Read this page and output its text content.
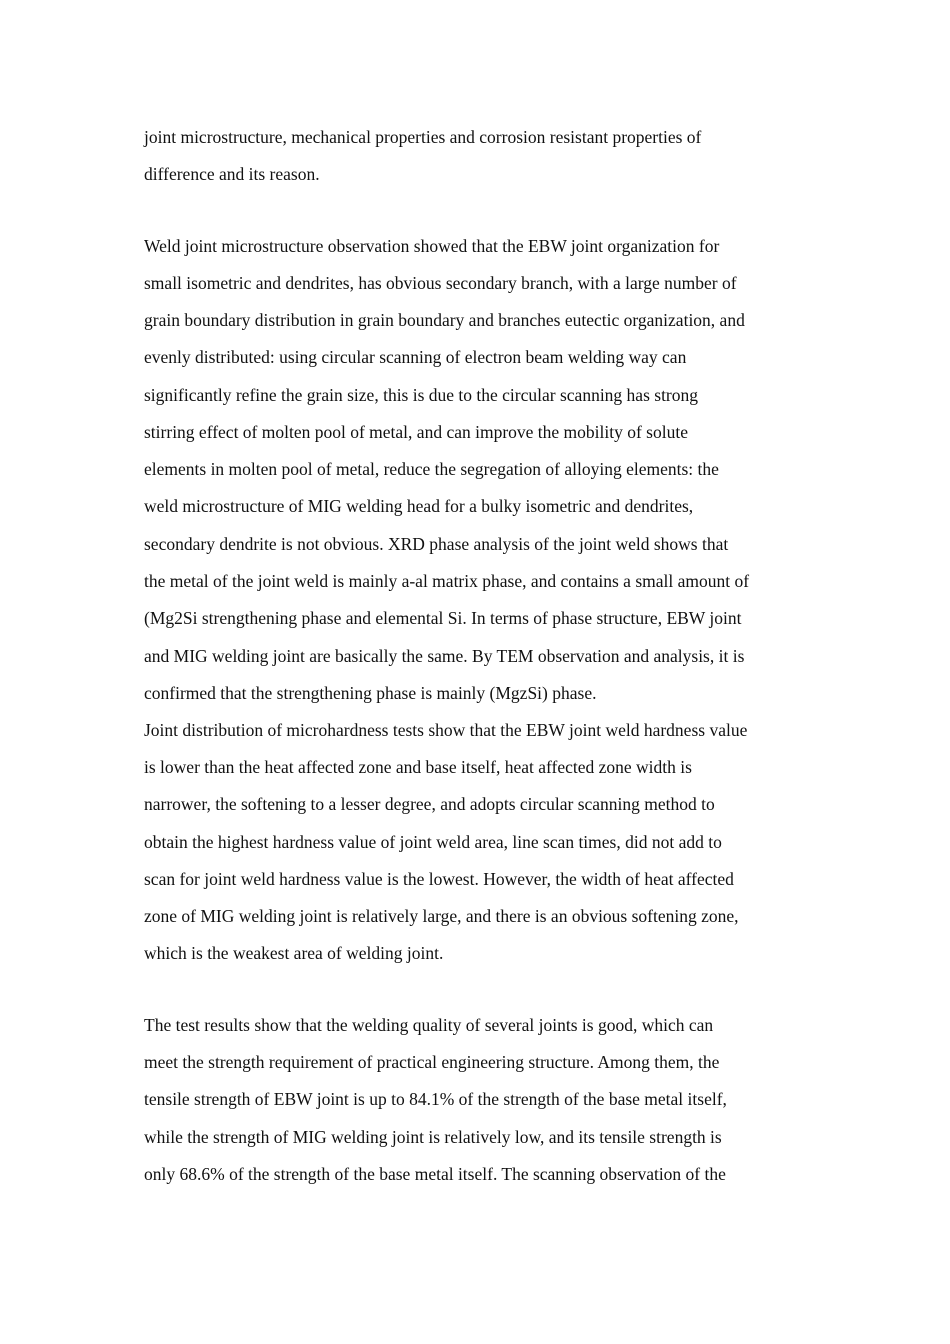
joint microstructure, mechanical properties and corrosion resistant properties of
difference and its reason.
Weld joint microstructure observation showed that the EBW joint organization for
small isometric and dendrites, has obvious secondary branch, with a large number of
grain boundary distribution in grain boundary and branches eutectic organization, and
evenly distributed: using circular scanning of electron beam welding way can
significantly refine the grain size, this is due to the circular scanning has strong
stirring effect of molten pool of metal, and can improve the mobility of solute
elements in molten pool of metal, reduce the segregation of alloying elements: the
weld microstructure of MIG welding head for a bulky isometric and dendrites,
secondary dendrite is not obvious. XRD phase analysis of the joint weld shows that
the metal of the joint weld is mainly a-al matrix phase, and contains a small amount of
(Mg2Si strengthening phase and elemental Si. In terms of phase structure, EBW joint
and MIG welding joint are basically the same. By TEM observation and analysis, it is
confirmed that the strengthening phase is mainly (MgzSi) phase.
Joint distribution of microhardness tests show that the EBW joint weld hardness value
is lower than the heat affected zone and base itself, heat affected zone width is
narrower, the softening to a lesser degree, and adopts circular scanning method to
obtain the highest hardness value of joint weld area, line scan times, did not add to
scan for joint weld hardness value is the lowest. However, the width of heat affected
zone of MIG welding joint is relatively large, and there is an obvious softening zone,
which is the weakest area of welding joint.
The test results show that the welding quality of several joints is good, which can
meet the strength requirement of practical engineering structure. Among them, the
tensile strength of EBW joint is up to 84.1% of the strength of the base metal itself,
while the strength of MIG welding joint is relatively low, and its tensile strength is
only 68.6% of the strength of the base metal itself. The scanning observation of the
